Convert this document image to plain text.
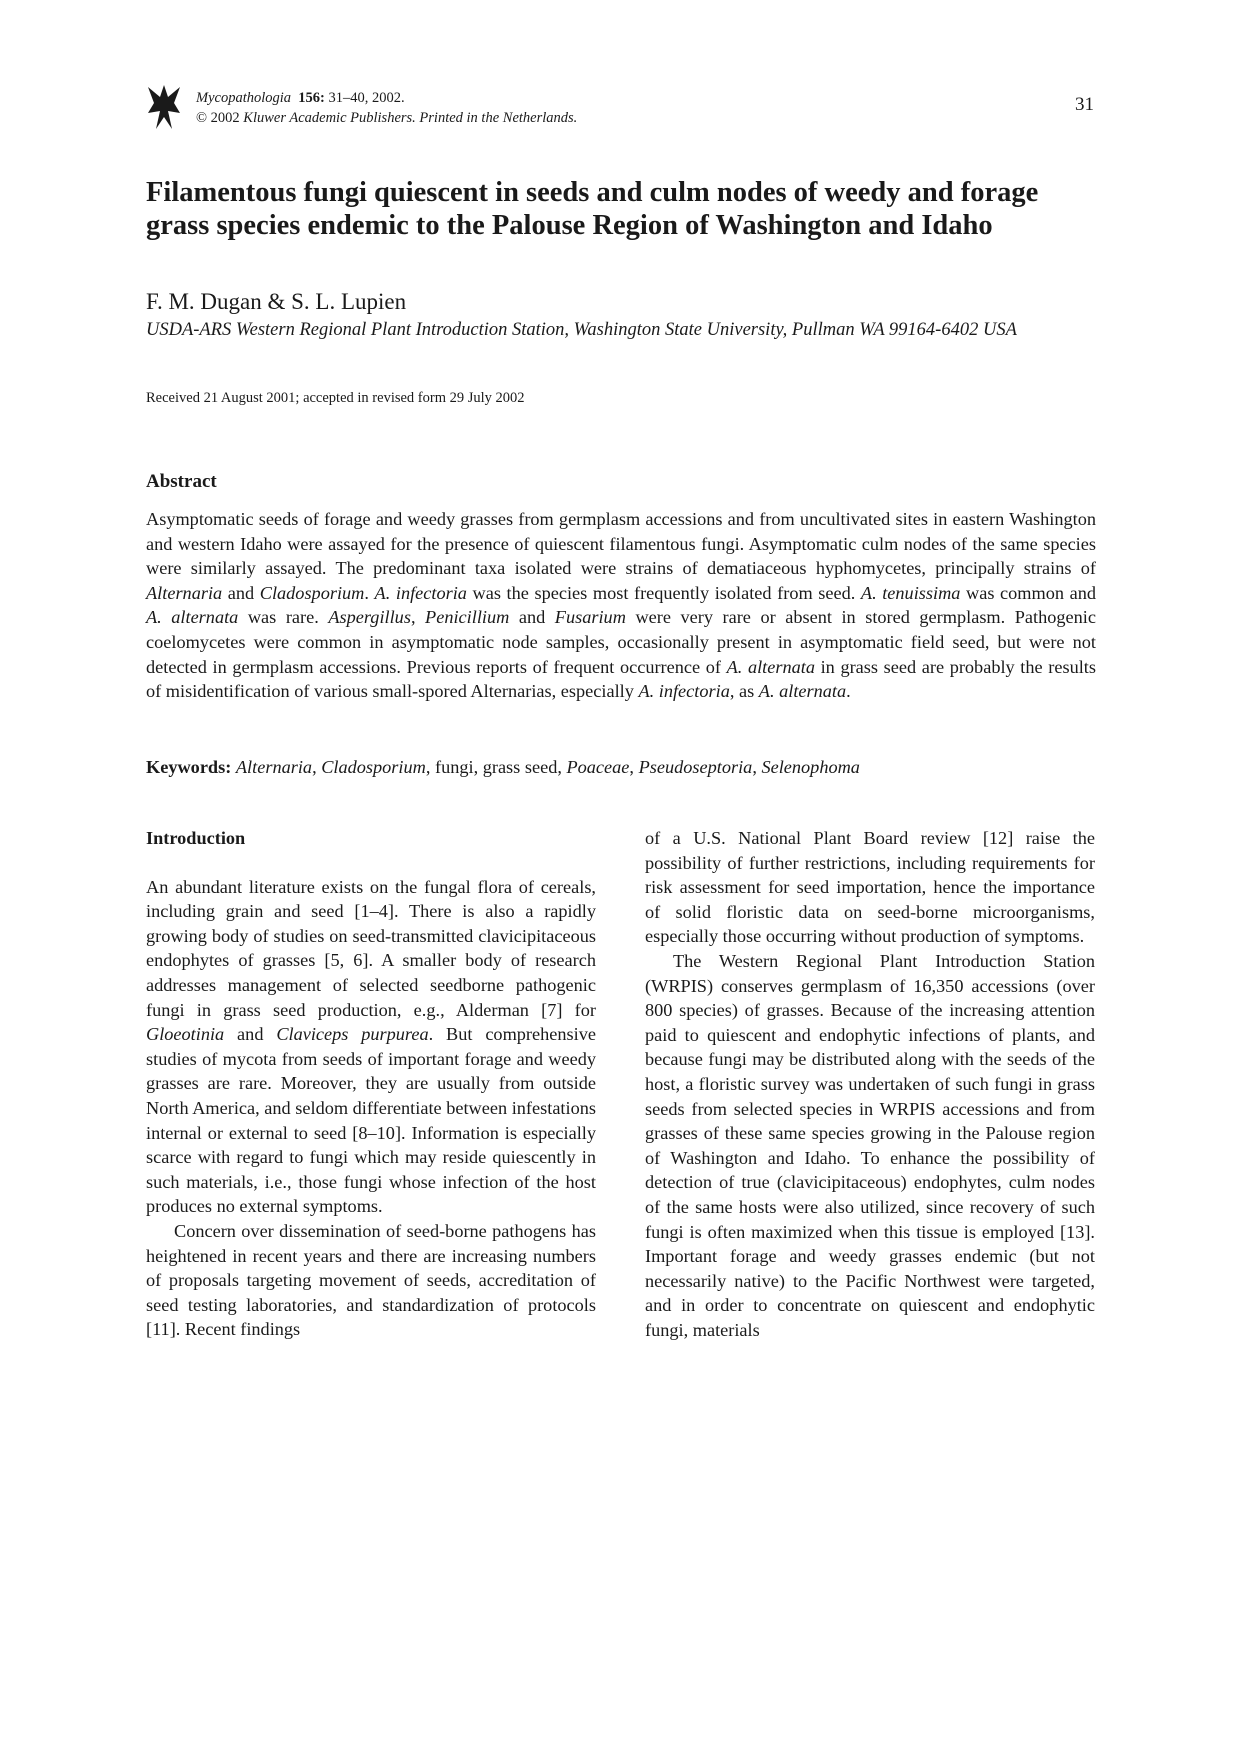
Mycopathologia 156: 31–40, 2002.
© 2002 Kluwer Academic Publishers. Printed in the Netherlands.
31
Filamentous fungi quiescent in seeds and culm nodes of weedy and forage grass species endemic to the Palouse Region of Washington and Idaho
F. M. Dugan & S. L. Lupien
USDA-ARS Western Regional Plant Introduction Station, Washington State University, Pullman WA 99164-6402 USA
Received 21 August 2001; accepted in revised form 29 July 2002
Abstract
Asymptomatic seeds of forage and weedy grasses from germplasm accessions and from uncultivated sites in eastern Washington and western Idaho were assayed for the presence of quiescent filamentous fungi. Asymptomatic culm nodes of the same species were similarly assayed. The predominant taxa isolated were strains of dematiaceous hyphomycetes, principally strains of Alternaria and Cladosporium. A. infectoria was the species most frequently isolated from seed. A. tenuissima was common and A. alternata was rare. Aspergillus, Penicillium and Fusarium were very rare or absent in stored germplasm. Pathogenic coelomycetes were common in asymptomatic node samples, occasionally present in asymptomatic field seed, but were not detected in germplasm accessions. Previous reports of frequent occurrence of A. alternata in grass seed are probably the results of misidentification of various small-spored Alternarias, especially A. infectoria, as A. alternata.
Keywords: Alternaria, Cladosporium, fungi, grass seed, Poaceae, Pseudoseptoria, Selenophoma

Introduction

An abundant literature exists on the fungal flora of cereals, including grain and seed [1–4]. There is also a rapidly growing body of studies on seed-transmitted clavicipitaceous endophytes of grasses [5, 6]. A smaller body of research addresses management of selected seedborne pathogenic fungi in grass seed production, e.g., Alderman [7] for Gloeotinia and Claviceps purpurea. But comprehensive studies of mycota from seeds of important forage and weedy grasses are rare. Moreover, they are usually from outside North America, and seldom differentiate between infestations internal or external to seed [8–10]. Information is especially scarce with regard to fungi which may reside quiescently in such materials, i.e., those fungi whose infection of the host produces no external symptoms.

Concern over dissemination of seed-borne pathogens has heightened in recent years and there are increasing numbers of proposals targeting movement of seeds, accreditation of seed testing laboratories, and standardization of protocols [11]. Recent findings

of a U.S. National Plant Board review [12] raise the possibility of further restrictions, including requirements for risk assessment for seed importation, hence the importance of solid floristic data on seed-borne microorganisms, especially those occurring without production of symptoms.

The Western Regional Plant Introduction Station (WRPIS) conserves germplasm of 16,350 accessions (over 800 species) of grasses. Because of the increasing attention paid to quiescent and endophytic infections of plants, and because fungi may be distributed along with the seeds of the host, a floristic survey was undertaken of such fungi in grass seeds from selected species in WRPIS accessions and from grasses of these same species growing in the Palouse region of Washington and Idaho. To enhance the possibility of detection of true (clavicipitaceous) endophytes, culm nodes of the same hosts were also utilized, since recovery of such fungi is often maximized when this tissue is employed [13]. Important forage and weedy grasses endemic (but not necessarily native) to the Pacific Northwest were targeted, and in order to concentrate on quiescent and endophytic fungi, materials
